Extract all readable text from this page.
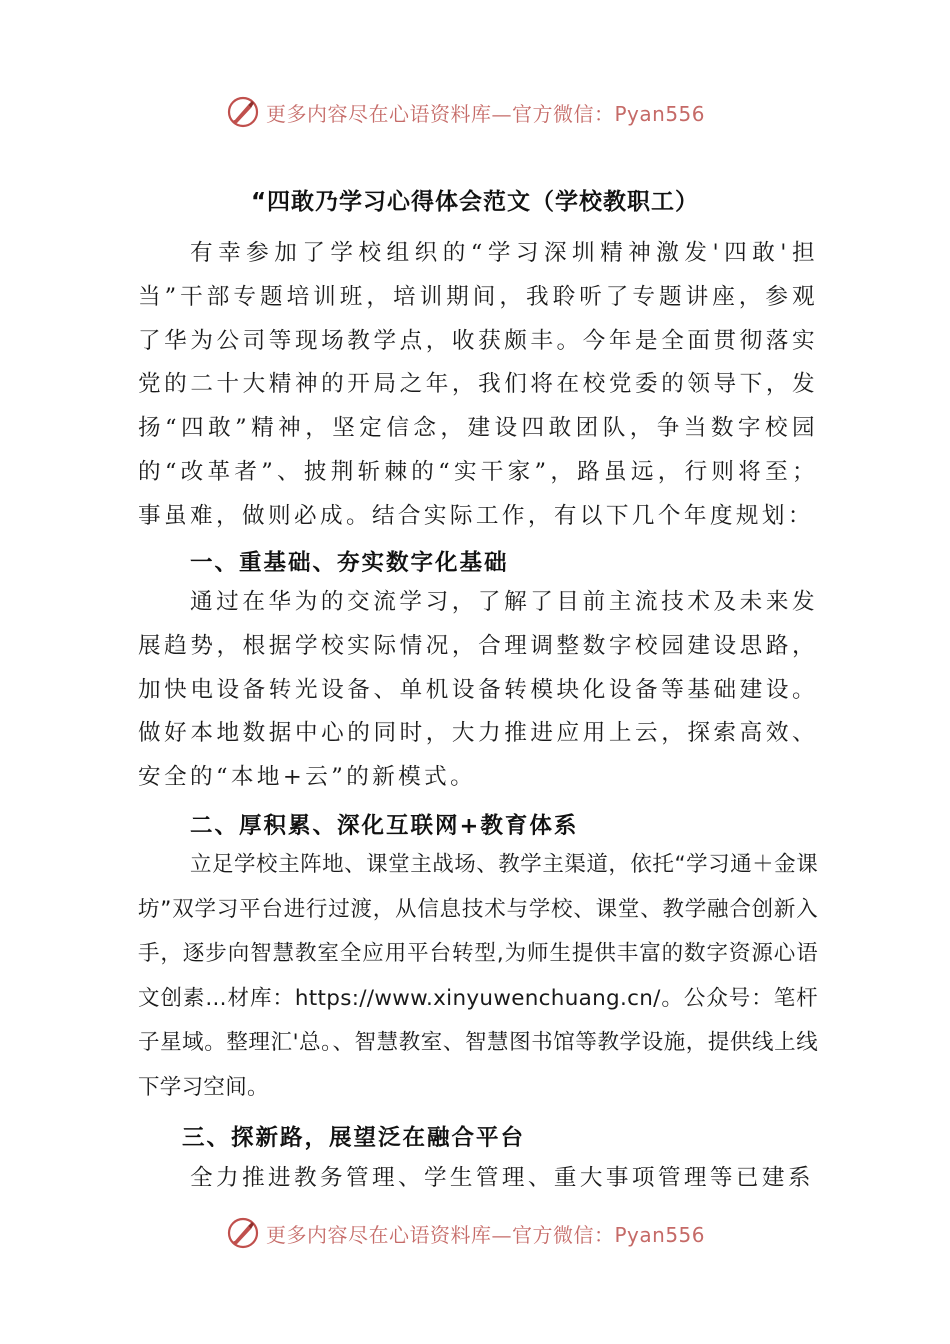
更多内容尽在心语资料库—官方微信：Pyan556
“四敢乃学习心得体会范文（学校教职工）

有幸参加了学校组织的“学习深圳精神激发'四敢'担当”干部专题培训班，培训期间，我聆听了专题讲座，参观了华为公司等现场教学点，收获颇丰。今年是全面贯彻落实党的二十大精神的开局之年，我们将在校党委的领导下，发扬“四敢”精神，坚定信念，建设四敢团队，争当数字校园的“改革者”、披荆斩棘的“实干家”，路虽远，行则将至；事虽难，做则必成。结合实际工作，有以下几个年度规划：

一、重基础、夯实数字化基础

通过在华为的交流学习，了解了目前主流技术及未来发展趋势，根据学校实际情况，合理调整数字校园建设思路，加快电设备转光设备、单机设备转模块化设备等基础建设。做好本地数据中心的同时，大力推进应用上云，探索高效、安全的“本地+云”的新模式。

二、厚积累、深化互联网+教育体系

立足学校主阵地、课堂主战场、教学主渠道，依托“学习通＋金课坊”双学习平台进行过渡，从信息技术与学校、课堂、教学融合创新入手，逐步向智慧教室全应用平台转型,为师生提供丰富的数字资源心语文创素...材库：https://www.xinyuwenchuang.cn/。公众号：笔杆子星域。整理汇'总。、智慧教室、智慧图书馆等教学设施，提供线上线下学习空间。

三、探新路，展望泛在融合平台

全力推进教务管理、学生管理、重大事项管理等已建系

更多内容尽在心语资料库—官方微信：Pyan556
